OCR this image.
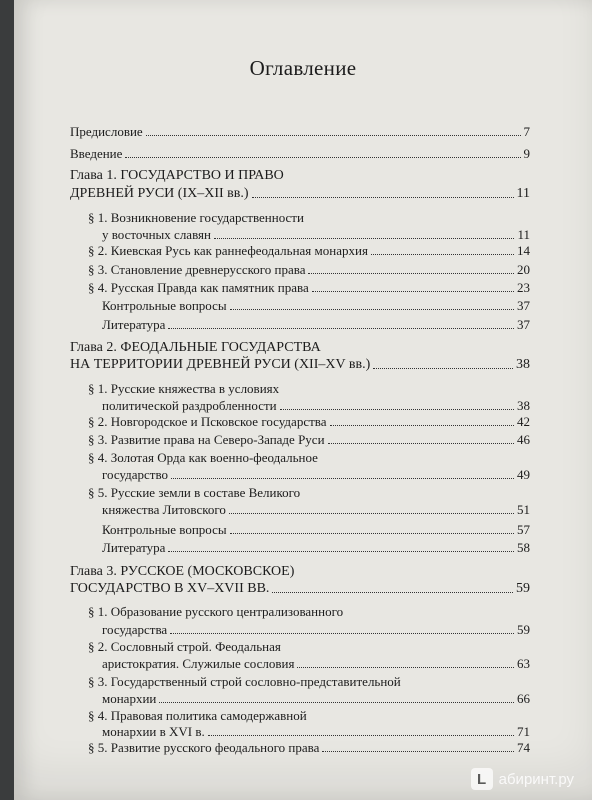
Оглавление
Предисловие	7
Введение	9
Глава 1. ГОСУДАРСТВО И ПРАВО
ДРЕВНЕЙ РУСИ (IX–XII вв.)	11
§ 1. Возникновение государственности
у восточных славян	11
§ 2. Киевская Русь как раннефеодальная монархия	14
§ 3. Становление древнерусского права	20
§ 4. Русская Правда как памятник права	23
Контрольные вопросы	37
Литература	37
Глава 2. ФЕОДАЛЬНЫЕ ГОСУДАРСТВА
НА ТЕРРИТОРИИ ДРЕВНЕЙ РУСИ (XII–XV вв.)	38
§ 1. Русские княжества в условиях
политической раздробленности	38
§ 2. Новгородское и Псковское государства	42
§ 3. Развитие права на Северо-Западе Руси	46
§ 4. Золотая Орда как военно-феодальное
государство	49
§ 5. Русские земли в составе Великого
княжества Литовского	51
Контрольные вопросы	57
Литература	58
Глава 3. РУССКОЕ (МОСКОВСКОЕ)
ГОСУДАРСТВО В XV–XVII ВВ.	59
§ 1. Образование русского централизованного
государства	59
§ 2. Сословный строй. Феодальная
аристократия. Служилые сословия	63
§ 3. Государственный строй сословно-представительной
монархии	66
§ 4. Правовая политика самодержавной
монархии в XVI в.	71
§ 5. Развитие русского феодального права	74
L абиринт.ру
